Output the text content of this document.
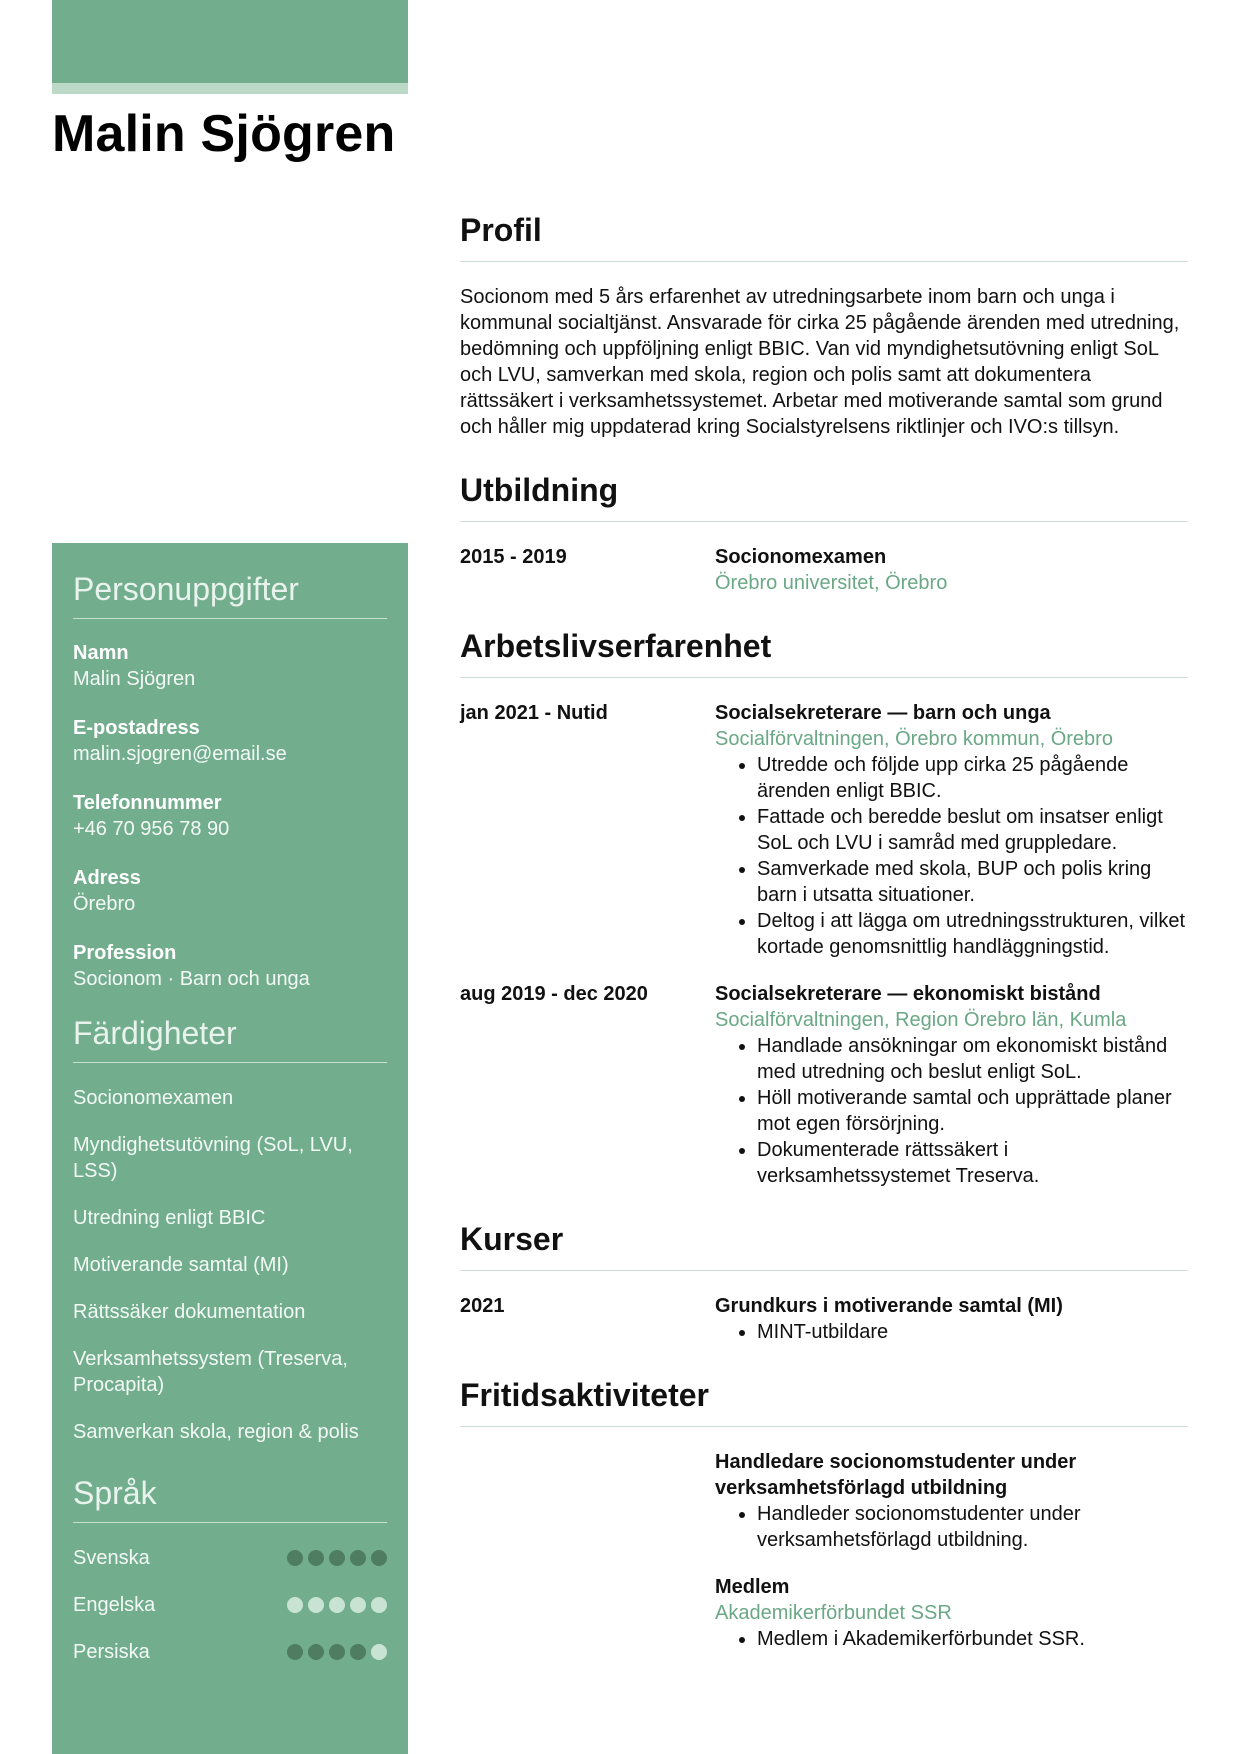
Malin Sjögren
Personuppgifter
Namn
Malin Sjögren
E-postadress
malin.sjogren@email.se
Telefonnummer
+46 70 956 78 90
Adress
Örebro
Profession
Socionom · Barn och unga
Färdigheter
Socionomexamen
Myndighetsutövning (SoL, LVU, LSS)
Utredning enligt BBIC
Motiverande samtal (MI)
Rättssäker dokumentation
Verksamhetssystem (Treserva, Procapita)
Samverkan skola, region & polis
Språk
Svenska
Engelska
Persiska
Profil

Socionom med 5 års erfarenhet av utredningsarbete inom barn och unga i kommunal socialtjänst. Ansvarade för cirka 25 pågående ärenden med utredning, bedömning och uppföljning enligt BBIC. Van vid myndighetsutövning enligt SoL och LVU, samverkan med skola, region och polis samt att dokumentera rättssäkert i verksamhetssystemet. Arbetar med motiverande samtal som grund och håller mig uppdaterad kring Socialstyrelsens riktlinjer och IVO:s tillsyn.

Utbildning
2015 - 2019	Socionomexamen
Örebro universitet, Örebro
Arbetslivserfarenhet
jan 2021 - Nutid	Socialsekreterare — barn och unga
Socialförvaltningen, Örebro kommun, Örebro
• Utredde och följde upp cirka 25 pågående ärenden enligt BBIC.
• Fattade och beredde beslut om insatser enligt SoL och LVU i samråd med gruppledare.
• Samverkade med skola, BUP och polis kring barn i utsatta situationer.
• Deltog i att lägga om utredningsstrukturen, vilket kortade genomsnittlig handläggningstid.
aug 2019 - dec 2020	Socialsekreterare — ekonomiskt bistånd
Socialförvaltningen, Region Örebro län, Kumla
• Handlade ansökningar om ekonomiskt bistånd med utredning och beslut enligt SoL.
• Höll motiverande samtal och upprättade planer mot egen försörjning.
• Dokumenterade rättssäkert i verksamhetssystemet Treserva.
Kurser
2021	Grundkurs i motiverande samtal (MI)
• MINT-utbildare
Fritidsaktiviteter
Handledare socionomstudenter under verksamhetsförlagd utbildning
• Handleder socionomstudenter under verksamhetsförlagd utbildning.
Medlem
Akademikerförbundet SSR
• Medlem i Akademikerförbundet SSR.
